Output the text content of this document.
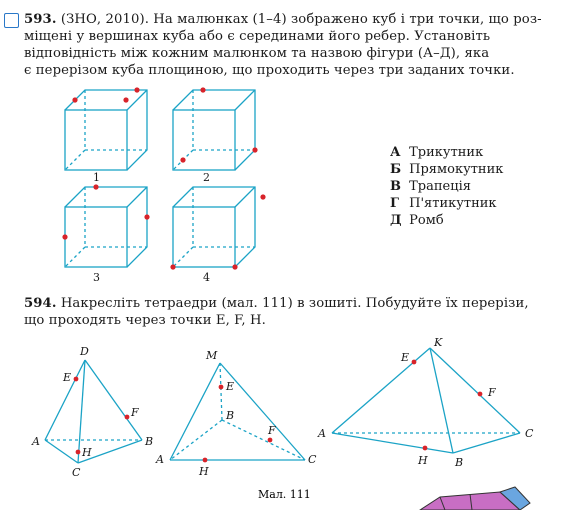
593. (ЗНО, 2010). На малюнках (1–4) зображено куб і три точки, що роз-
міщені у вершинах куба або є серединами його ребер. Установіть
відповідність між кожним малюнком та назвою фігури (А–Д), яка
є перерізом куба площиною, що проходить через три заданих точки.
1	2
3	4
А Трикутник
Б Прямокутник
В Трапеція
Г П'ятикутник
Д Ромб
594. Накресліть тетраедри (мал. 111) в зошиті. Побудуйте їх перерізи,
що проходять через точки E, F, H.
D
E
F
A	B
H
C
M
E
B
F
A
H
C
K
E
F
A	C
H B
Мал. 111
